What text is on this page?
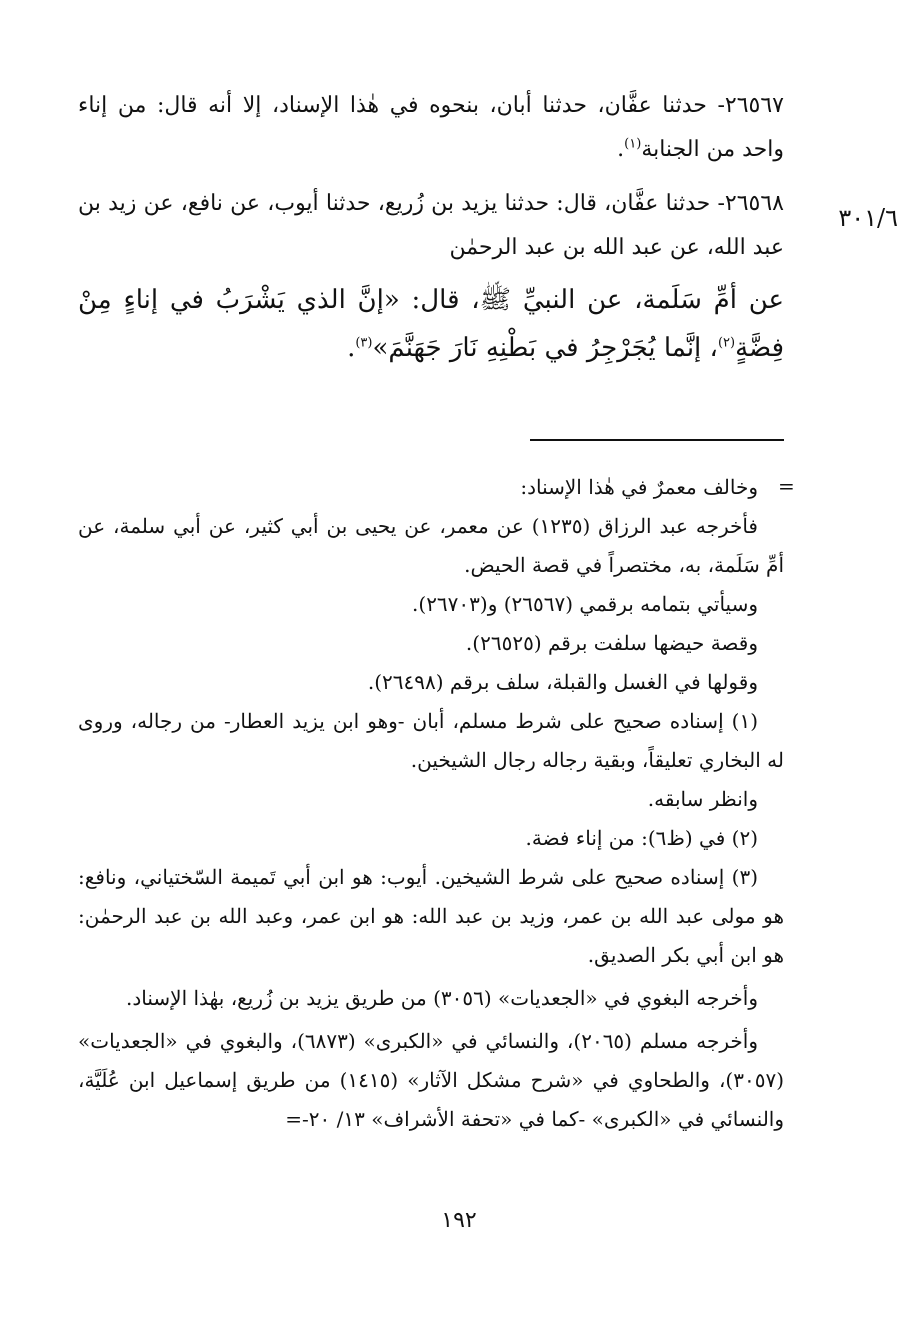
٣٠١/٦

٢٦٥٦٧- حدثنا عفَّان، حدثنا أبان، بنحوه في هٰذا الإسناد، إلا أنه قال: من إناء واحد من الجنابة$^{(١)}$.

٢٦٥٦٨- حدثنا عفَّان، قال: حدثنا يزيد بن زُريع، حدثنا أيوب، عن نافع، عن زيد بن عبد الله، عن عبد الله بن عبد الرحمٰن

عن أمِّ سَلَمة، عن النبيِّ ﷺ، قال: «إنَّ الذي يَشْرَبُ في إناءٍ مِنْ فِضَّةٍ$^{(٢)}$، إنَّما يُجَرْجِرُ في بَطْنِهِ نَارَ جَهَنَّمَ»$^{(٣)}$.

=

وخالف معمرٌ في هٰذا الإسناد:

فأخرجه عبد الرزاق (١٢٣٥) عن معمر، عن يحيى بن أبي كثير، عن أبي سلمة، عن أمِّ سَلَمة، به، مختصراً في قصة الحيض.

وسيأتي بتمامه برقمي (٢٦٥٦٧) و(٢٦٧٠٣).

وقصة حيضها سلفت برقم (٢٦٥٢٥).

وقولها في الغسل والقبلة، سلف برقم (٢٦٤٩٨).

(١) إسناده صحيح على شرط مسلم، أبان -وهو ابن يزيد العطار- من رجاله، وروى له البخاري تعليقاً، وبقية رجاله رجال الشيخين.

وانظر سابقه.

(٢) في (ظ٦): من إناء فضة.

(٣) إسناده صحيح على شرط الشيخين. أيوب: هو ابن أبي تَميمة السّختياني، ونافع: هو مولى عبد الله بن عمر، وزيد بن عبد الله: هو ابن عمر، وعبد الله بن عبد الرحمٰن: هو ابن أبي بكر الصديق.

وأخرجه البغوي في «الجعديات» (٣٠٥٦) من طريق يزيد بن زُريع، بهٰذا الإسناد.

وأخرجه مسلم (٢٠٦٥)، والنسائي في «الكبرى» (٦٨٧٣)، والبغوي في «الجعديات» (٣٠٥٧)، والطحاوي في «شرح مشكل الآثار» (١٤١٥) من طريق إسماعيل ابن عُلَيَّة، والنسائي في «الكبرى» -كما في «تحفة الأشراف» ١٣/ ٢٠-=

١٩٢
